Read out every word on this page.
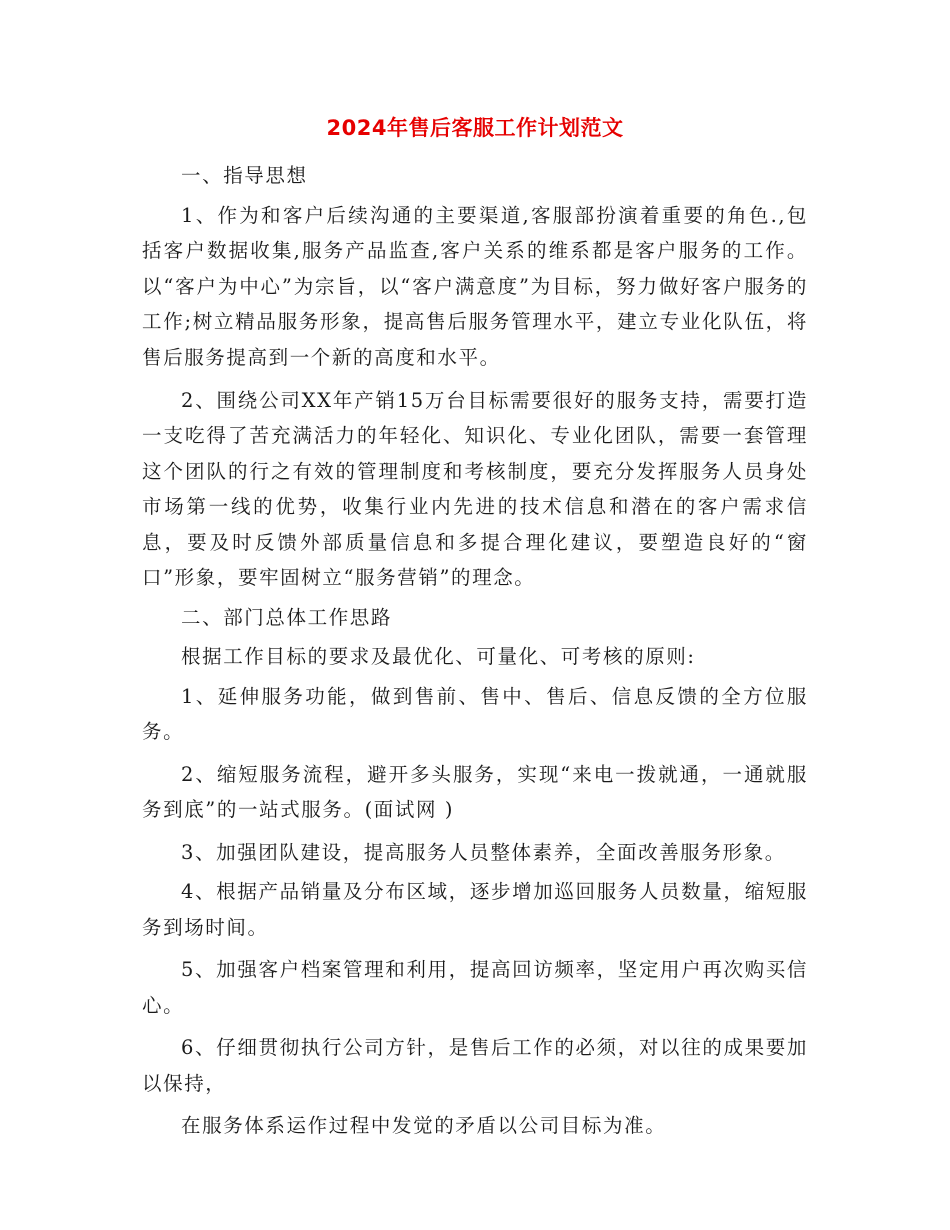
2024年售后客服工作计划范文

一、指导思想

1、作为和客户后续沟通的主要渠道,客服部扮演着重要的角色.,包括客户数据收集,服务产品监查,客户关系的维系都是客户服务的工作。以“客户为中心”为宗旨，以“客户满意度”为目标，努力做好客户服务的工作;树立精品服务形象，提高售后服务管理水平，建立专业化队伍，将售后服务提高到一个新的高度和水平。

2、围绕公司XX年产销15万台目标需要很好的服务支持，需要打造一支吃得了苦充满活力的年轻化、知识化、专业化团队，需要一套管理这个团队的行之有效的管理制度和考核制度，要充分发挥服务人员身处市场第一线的优势，收集行业内先进的技术信息和潜在的客户需求信息，要及时反馈外部质量信息和多提合理化建议，要塑造良好的“窗口”形象，要牢固树立“服务营销”的理念。

二、部门总体工作思路

根据工作目标的要求及最优化、可量化、可考核的原则:

1、延伸服务功能，做到售前、售中、售后、信息反馈的全方位服务。

2、缩短服务流程，避开多头服务，实现“来电一拨就通，一通就服务到底”的一站式服务。(面试网 )

3、加强团队建设，提高服务人员整体素养，全面改善服务形象。

4、根据产品销量及分布区域，逐步增加巡回服务人员数量，缩短服务到场时间。

5、加强客户档案管理和利用，提高回访频率，坚定用户再次购买信心。

6、仔细贯彻执行公司方针，是售后工作的必须，对以往的成果要加以保持，

在服务体系运作过程中发觉的矛盾以公司目标为准。
